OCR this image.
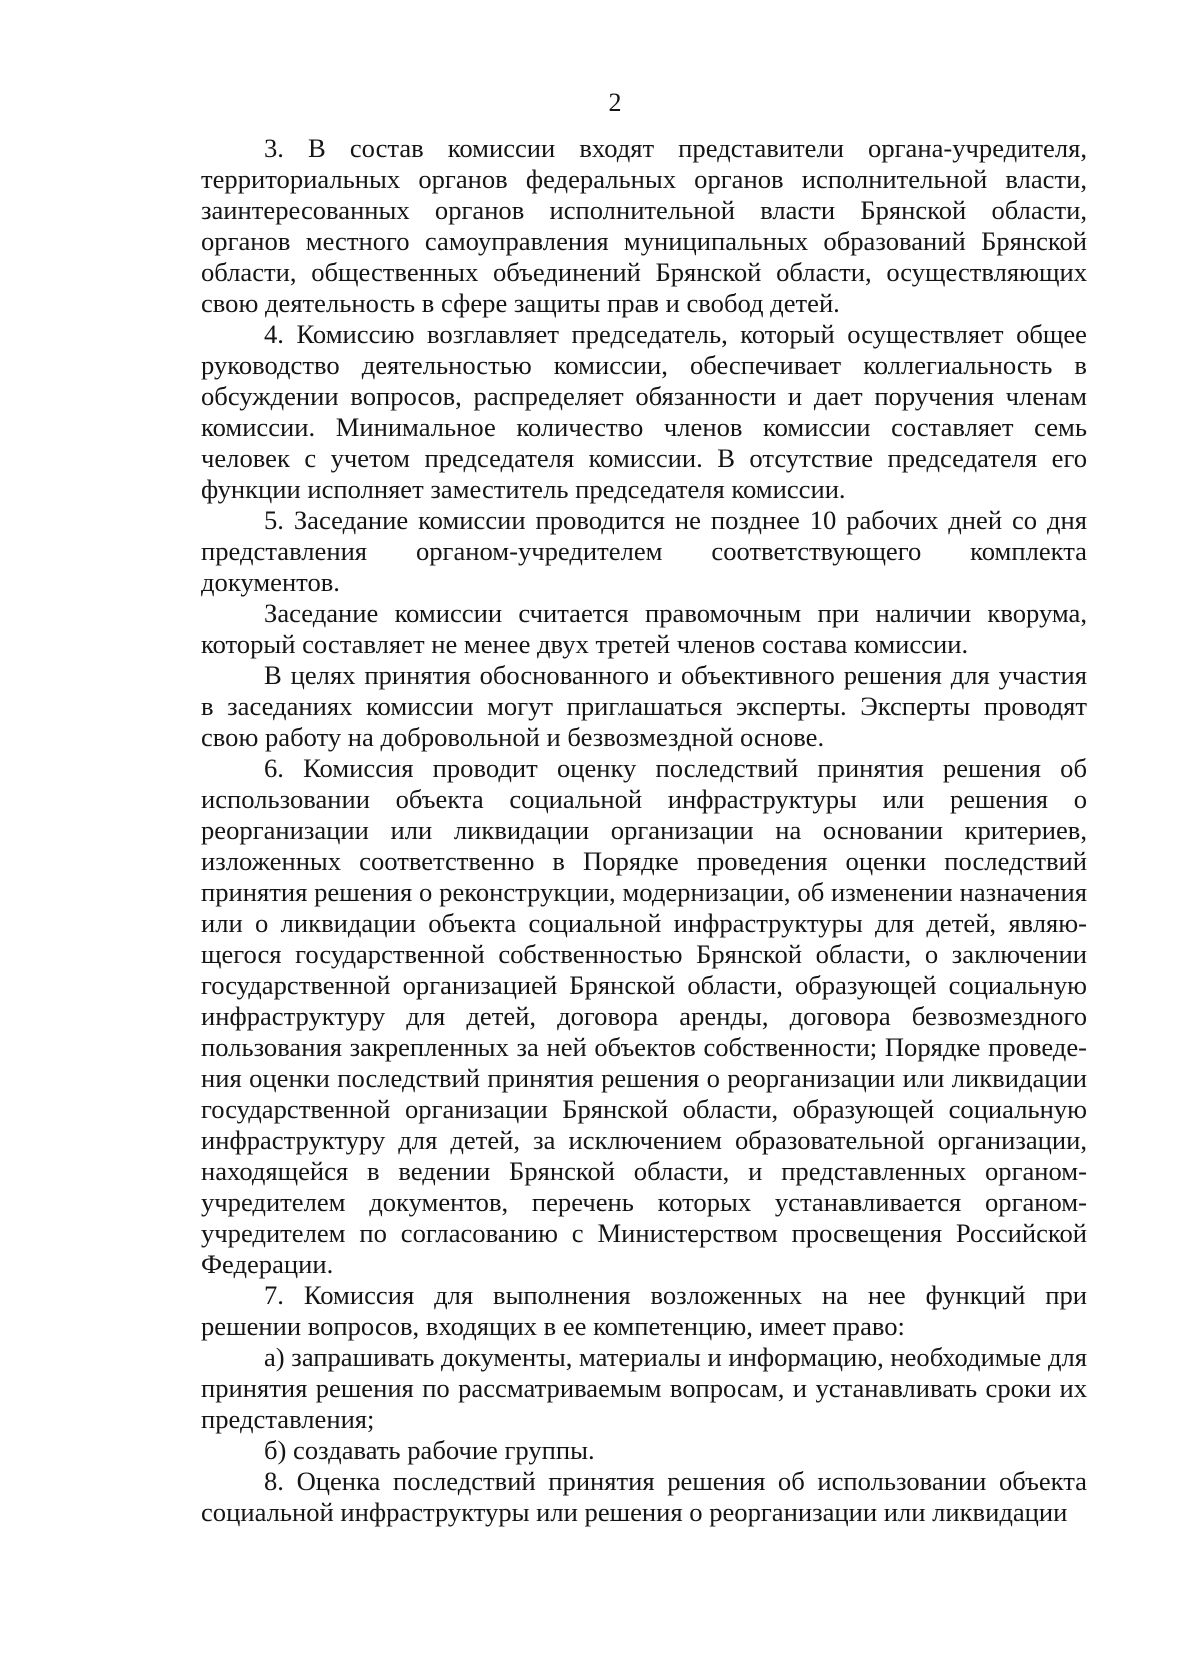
2

3. В состав комиссии входят представители органа-учредителя, территориальных органов федеральных органов исполнительной власти, заинтересованных органов исполнительной власти Брянской области, органов местного самоуправления муниципальных образований Брянской области, общественных объединений Брянской области, осуществляющих свою деятельность в сфере защиты прав и свобод детей.

4. Комиссию возглавляет председатель, который осуществляет общее руководство деятельностью комиссии, обеспечивает коллегиальность в обсуждении вопросов, распределяет обязанности и дает поручения членам комиссии. Минимальное количество членов комиссии составляет семь человек с учетом председателя комиссии. В отсутствие председателя его функции исполняет заместитель председателя комиссии.

5. Заседание комиссии проводится не позднее 10 рабочих дней со дня представления органом-учредителем соответствующего комплекта документов.

Заседание комиссии считается правомочным при наличии кворума, который составляет не менее двух третей членов состава комиссии.

В целях принятия обоснованного и объективного решения для участия в заседаниях комиссии могут приглашаться эксперты. Эксперты проводят свою работу на добровольной и безвозмездной основе.

6. Комиссия проводит оценку последствий принятия решения об использовании объекта социальной инфраструктуры или решения о реорганизации или ликвидации организации на основании критериев, изложенных соответственно в Порядке проведения оценки последствий принятия решения о реконструкции, модернизации, об изменении назначения или о ликвидации объекта социальной инфраструктуры для детей, являющегося государственной собственностью Брянской области, о заключении государственной организацией Брянской области, образующей социальную инфраструктуру для детей, договора аренды, договора безвозмездного пользования закрепленных за ней объектов собственности; Порядке проведения оценки последствий принятия решения о реорганизации или ликвидации государственной организации Брянской области, образующей социальную инфраструктуру для детей, за исключением образовательной организации, находящейся в ведении Брянской области, и представленных органом-учредителем документов, перечень которых устанавливается органом-учредителем по согласованию с Министерством просвещения Российской Федерации.

7. Комиссия для выполнения возложенных на нее функций при решении вопросов, входящих в ее компетенцию, имеет право:

а) запрашивать документы, материалы и информацию, необходимые для принятия решения по рассматриваемым вопросам, и устанавливать сроки их представления;

б) создавать рабочие группы.

8. Оценка последствий принятия решения об использовании объекта социальной инфраструктуры или решения о реорганизации или ликвидации
